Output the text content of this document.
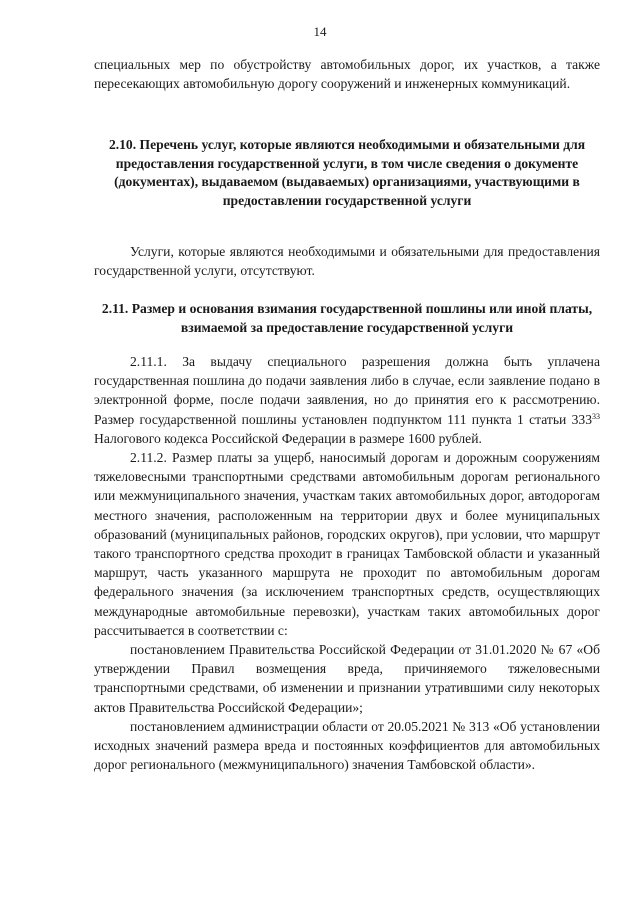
14

специальных мер по обустройству автомобильных дорог, их участков, а также пересекающих автомобильную дорогу сооружений и инженерных коммуникаций.

2.10. Перечень услуг, которые являются необходимыми и обязательными для предоставления государственной услуги, в том числе сведения о документе (документах), выдаваемом (выдаваемых) организациями, участвующими в предоставлении государственной услуги

Услуги, которые являются необходимыми и обязательными для предоставления государственной услуги, отсутствуют.

2.11. Размер и основания взимания государственной пошлины или иной платы, взимаемой за предоставление государственной услуги

2.11.1. За выдачу специального разрешения должна быть уплачена государственная пошлина до подачи заявления либо в случае, если заявление подано в электронной форме, после подачи заявления, но до принятия его к рассмотрению. Размер государственной пошлины установлен подпунктом 111 пункта 1 статьи $333^{33}$ Налогового кодекса Российской Федерации в размере 1600 рублей.

2.11.2. Размер платы за ущерб, наносимый дорогам и дорожным сооружениям тяжеловесными транспортными средствами автомобильным дорогам регионального или межмуниципального значения, участкам таких автомобильных дорог, автодорогам местного значения, расположенным на территории двух и более муниципальных образований (муниципальных районов, городских округов), при условии, что маршрут такого транспортного средства проходит в границах Тамбовской области и указанный маршрут, часть указанного маршрута не проходит по автомобильным дорогам федерального значения (за исключением транспортных средств, осуществляющих международные автомобильные перевозки), участкам таких автомобильных дорог рассчитывается в соответствии с:

постановлением Правительства Российской Федерации от 31.01.2020 № 67 «Об утверждении Правил возмещения вреда, причиняемого тяжеловесными транспортными средствами, об изменении и признании утратившими силу некоторых актов Правительства Российской Федерации»;

постановлением администрации области от 20.05.2021 № 313 «Об установлении исходных значений размера вреда и постоянных коэффициентов для автомобильных дорог регионального (межмуниципального) значения Тамбовской области».
